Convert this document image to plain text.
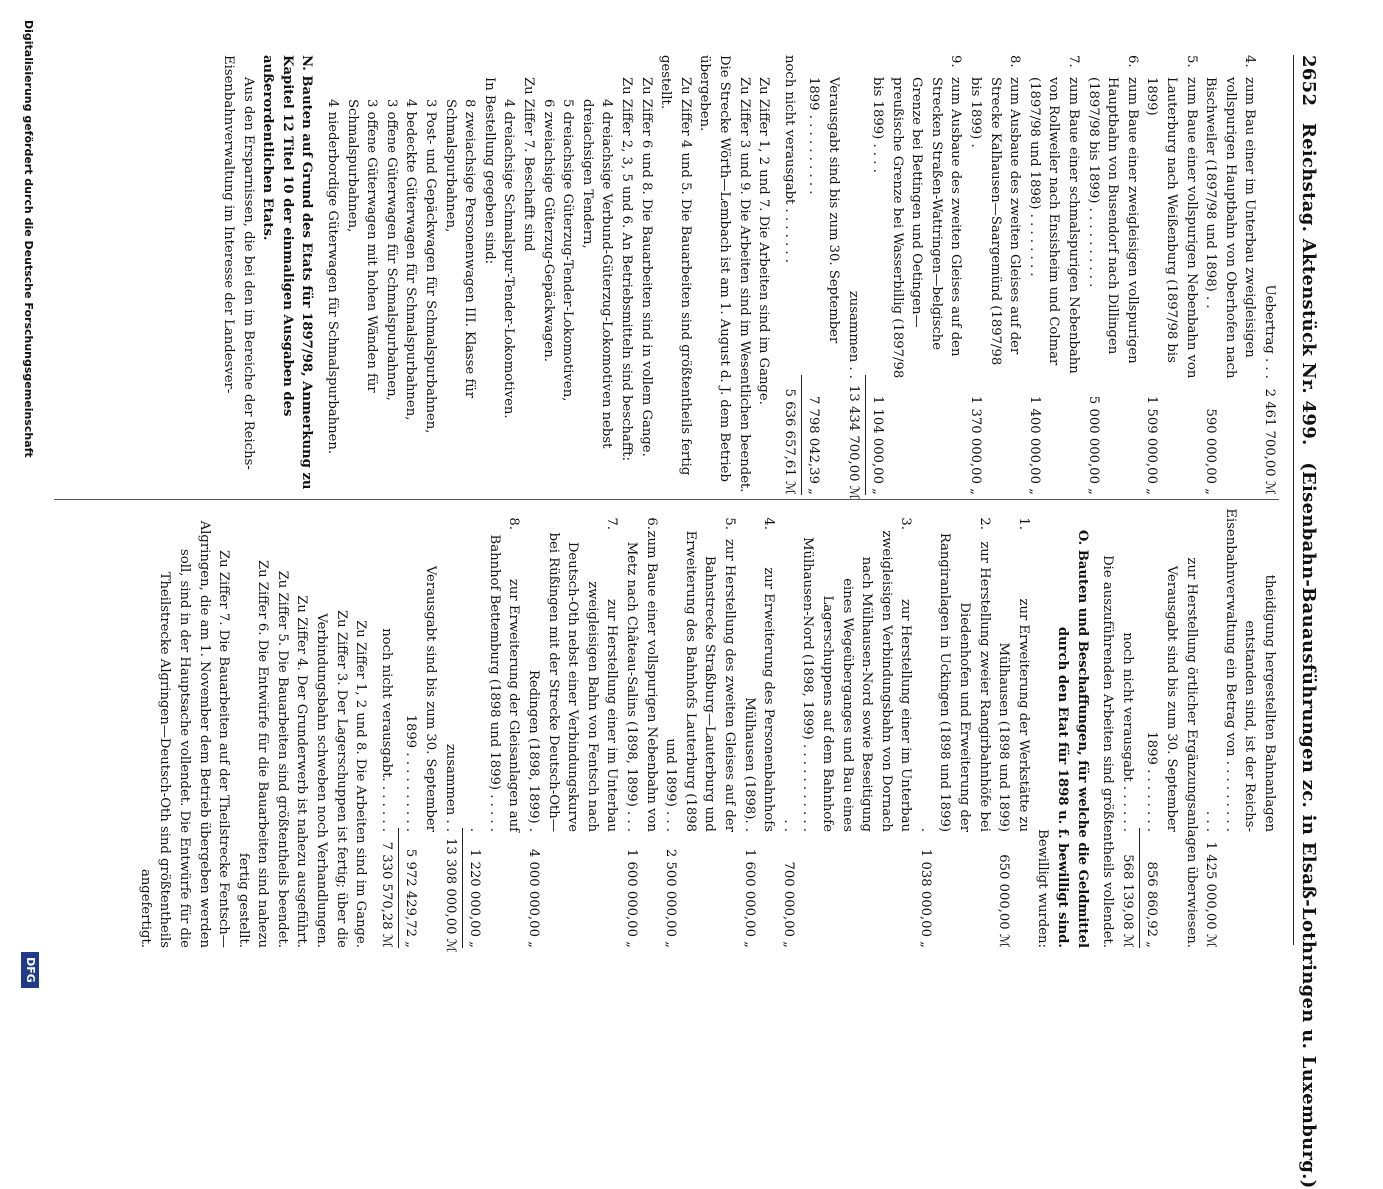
2652 Reichstag. Aktenstück Nr. 499. (Eisenbahn-Bauausführungen zc. in Elsaß-Lothringen u. Luxemburg.)
Uebertrag . . .
2 461 700,00 ℳ
4.
zum Bau einer im Unterbau zweigleisigen vollspurigen Hauptbahn von Oberhofen nach Bischweiler (1897/98 und 1898) . .
590 000,00 „
5.
zum Baue einer vollspurigen Nebenbahn von Lauterburg nach Weißenburg (1897/98 bis 1899)
1 509 000,00 „
6.
zum Baue einer zweigleisigen vollspurigen Hauptbahn von Busendorf nach Dillingen (1897/98 bis 1899) . . . . . . . . . .
5 000 000,00 „
7.
zum Baue einer schmalspurigen Nebenbahn von Rollweiler nach Ensisheim und Colmar (1897/98 und 1898) . . . . . . . .
1 400 000,00 „
8.
zum Ausbaue des zweiten Gleises auf der Strecke Kalhausen—Saargemünd (1897/98 bis 1899) .
1 370 000,00 „
9.
zum Ausbaue des zweiten Gleises auf den Strecken Straßen-Wattringen—belgische Grenze bei Bettingen und Oetingen—preußische Grenze bei Wasserbillig (1897/98 bis 1899) . . . .
1 104 000,00 „
zusammen . .
13 434 700,00 ℳ
Verausgabt sind bis zum 30. September 1899 . . . . . . . . . .
7 798 042,39 „
noch nicht verausgabt . . . . . . .
5 636 657,61 ℳ

Zu Ziffer 1, 2 und 7. Die Arbeiten sind im Gange.

Zu Ziffer 3 und 9. Die Arbeiten sind im Wesentlichen beendet. Die Strecke Wörth—Lembach ist am 1. August d. J. dem Betrieb übergeben.

Zu Ziffer 4 und 5. Die Bauarbeiten sind größtentheils fertig gestellt.

Zu Ziffer 6 und 8. Die Bauarbeiten sind in vollem Gange.

Zu Ziffer 2, 3, 5 und 6. An Betriebsmitteln sind beschafft:

4 dreiachsige Verbund-Güterzug-Lokomotiven nebst dreiachsigen Tendern,

5 dreiachsige Güterzug-Tender-Lokomotiven,

6 zweiachsige Güterzug-Gepäckwagen.

Zu Ziffer 7. Beschafft sind

4 dreiachsige Schmalspur-Tender-Lokomotiven.

In Bestellung gegeben sind:

8 zweiachsige Personenwagen III. Klasse für Schmalspurbahnen,

3 Post- und Gepäckwagen für Schmalspurbahnen,

4 bedeckte Güterwagen für Schmalspurbahnen,

3 offene Güterwagen für Schmalspurbahnen,

3 offene Güterwagen mit hohen Wänden für Schmalspurbahnen,

4 niederbordige Güterwagen für Schmalspurbahnen.

N. Bauten auf Grund des Etats für 1897/98, Anmerkung zu Kapitel 12 Titel 10 der einmaligen Ausgaben des außerordentlichen Etats.

Aus den Ersparnissen, die bei den im Bereiche der Reichs-Eisenbahnverwaltung im Interesse der Landesver-

theidigung hergestellten Bahnanlagen entstanden sind, ist der Reichs-Eisenbahnverwaltung ein Betrag von . . . . . . . . . . . .
1 425 000,00 ℳ

zur Herstellung örtlicher Ergänzungsanlagen überwiesen.

Verausgabt sind bis zum 30. September 1899 . . . . . . . .
856 860,92 „
noch nicht verausgabt . . . . . .
568 139,08 ℳ

Die auszuführenden Arbeiten sind größtentheils vollendet.

O. Bauten und Beschaffungen, für welche die Geldmittel durch den Etat für 1898 u. f. bewilligt sind.

Bewilligt wurden:

1.
zur Erweiterung der Werkstätte zu Mülhausen (1898 und 1899)
650 000,00 ℳ
2.
zur Herstellung zweier Rangirbahnhöfe bei Diedenhofen und Erweiterung der Rangiranlagen in Uckingen (1898 und 1899) .
1 038 000,00 „
3.
zur Herstellung einer im Unterbau zweigleisigen Verbindungsbahn von Dornach nach Mülhausen-Nord sowie Beseitigung eines Wegeüberganges und Bau eines Lagerschuppens auf dem Bahnhofe Mülhausen-Nord (1898, 1899) . . . . . . . . . . . . .
700 000,00 „
4.
zur Erweiterung des Personenbahnhofs Mülhausen (1898). .
1 600 000,00 „
5.
zur Herstellung des zweiten Gleises auf der Bahnstrecke Straßburg—Lauterburg und Erweiterung des Bahnhofs Lauterburg (1898 und 1899) . . .
2 500 000,00 „
6.
zum Baue einer vollspurigen Nebenbahn von Metz nach Château-Salins (1898, 1899) . . .
1 600 000,00 „
7.
zur Herstellung einer im Unterbau zweigleisigen Bahn von Fentsch nach Deutsch-Oth nebst einer Verbindungskurve bei Rüßingen mit der Strecke Deutsch-Oth—Redingen (1898, 1899) .
4 000 000,00 „
8.
zur Erweiterung der Gleisanlagen auf Bahnhof Bettemburg (1898 und 1899) . . . . . .
1 220 000,00 „
zusammen . .
13 308 000,00 ℳ
Verausgabt sind bis zum 30. September 1899 . . . . . . . . . .
5 972 429,72 „
noch nicht verausgabt. . . . . . .
7 330 570,28 ℳ

Zu Ziffer 1, 2 und 8. Die Arbeiten sind im Gange.

Zu Ziffer 3. Der Lagerschuppen ist fertig; über die Verbindungsbahn schweben noch Verhandlungen.

Zu Ziffer 4. Der Grunderwerb ist nahezu ausgeführt.

Zu Ziffer 5. Die Bauarbeiten sind größtentheils beendet.

Zu Ziffer 6. Die Entwürfe für die Bauarbeiten sind nahezu fertig gestellt.

Zu Ziffer 7. Die Bauarbeiten auf der Theilstrecke Fentsch—Algringen, die am 1. November dem Betrieb übergeben werden soll, sind in der Hauptsache vollendet. Die Entwürfe für die Theilstrecke Algringen—Deutsch-Oth sind größtentheils angefertigt.

Digitalisierung gefördert durch die Deutsche Forschungsgemeinschaft
DFG
